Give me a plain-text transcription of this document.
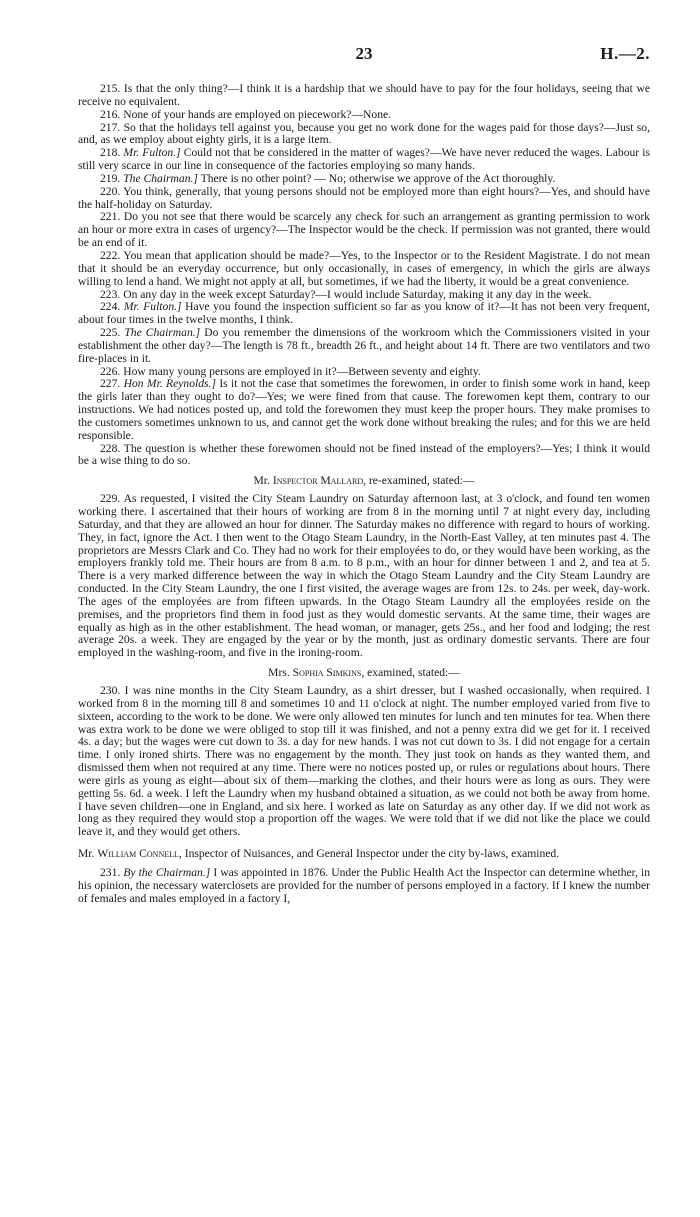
23	H.—2.

215. Is that the only thing?—I think it is a hardship that we should have to pay for the four holidays, seeing that we receive no equivalent.

216. None of your hands are employed on piecework?—None.

217. So that the holidays tell against you, because you get no work done for the wages paid for those days?—Just so, and, as we employ about eighty girls, it is a large item.

218. Mr. Fulton.] Could not that be considered in the matter of wages?—We have never reduced the wages. Labour is still very scarce in our line in consequence of the factories employing so many hands.

219. The Chairman.] There is no other point? — No; otherwise we approve of the Act thoroughly.

220. You think, generally, that young persons should not be employed more than eight hours?—Yes, and should have the half-holiday on Saturday.

221. Do you not see that there would be scarcely any check for such an arrangement as granting permission to work an hour or more extra in cases of urgency?—The Inspector would be the check. If permission was not granted, there would be an end of it.

222. You mean that application should be made?—Yes, to the Inspector or to the Resident Magistrate. I do not mean that it should be an everyday occurrence, but only occasionally, in cases of emergency, in which the girls are always willing to lend a hand. We might not apply at all, but sometimes, if we had the liberty, it would be a great convenience.

223. On any day in the week except Saturday?—I would include Saturday, making it any day in the week.

224. Mr. Fulton.] Have you found the inspection sufficient so far as you know of it?—It has not been very frequent, about four times in the twelve months, I think.

225. The Chairman.] Do you remember the dimensions of the workroom which the Commissioners visited in your establishment the other day?—The length is 78 ft., breadth 26 ft., and height about 14 ft. There are two ventilators and two fire-places in it.

226. How many young persons are employed in it?—Between seventy and eighty.

227. Hon Mr. Reynolds.] Is it not the case that sometimes the forewomen, in order to finish some work in hand, keep the girls later than they ought to do?—Yes; we were fined from that cause. The forewomen kept them, contrary to our instructions. We had notices posted up, and told the forewomen they must keep the proper hours. They make promises to the customers sometimes unknown to us, and cannot get the work done without breaking the rules; and for this we are held responsible.

228. The question is whether these forewomen should not be fined instead of the employers?—Yes; I think it would be a wise thing to do so.

Mr. Inspector Mallard, re-examined, stated:—

229. As requested, I visited the City Steam Laundry on Saturday afternoon last, at 3 o'clock, and found ten women working there. I ascertained that their hours of working are from 8 in the morning until 7 at night every day, including Saturday, and that they are allowed an hour for dinner. The Saturday makes no difference with regard to hours of working. They, in fact, ignore the Act. I then went to the Otago Steam Laundry, in the North-East Valley, at ten minutes past 4. The proprietors are Messrs Clark and Co. They had no work for their employées to do, or they would have been working, as the employers frankly told me. Their hours are from 8 a.m. to 8 p.m., with an hour for dinner between 1 and 2, and tea at 5. There is a very marked difference between the way in which the Otago Steam Laundry and the City Steam Laundry are conducted. In the City Steam Laundry, the one I first visited, the average wages are from 12s. to 24s. per week, day-work. The ages of the employées are from fifteen upwards. In the Otago Steam Laundry all the employées reside on the premises, and the proprietors find them in food just as they would domestic servants. At the same time, their wages are equally as high as in the other establishment. The head woman, or manager, gets 25s., and her food and lodging; the rest average 20s. a week. They are engaged by the year or by the month, just as ordinary domestic servants. There are four employed in the washing-room, and five in the ironing-room.

Mrs. Sophia Simkins, examined, stated:—

230. I was nine months in the City Steam Laundry, as a shirt dresser, but I washed occasionally, when required. I worked from 8 in the morning till 8 and sometimes 10 and 11 o'clock at night. The number employed varied from five to sixteen, according to the work to be done. We were only allowed ten minutes for lunch and ten minutes for tea. When there was extra work to be done we were obliged to stop till it was finished, and not a penny extra did we get for it. I received 4s. a day; but the wages were cut down to 3s. a day for new hands. I was not cut down to 3s. I did not engage for a certain time. I only ironed shirts. There was no engagement by the month. They just took on hands as they wanted them, and dismissed them when not required at any time. There were no notices posted up, or rules or regulations about hours. There were girls as young as eight—about six of them—marking the clothes, and their hours were as long as ours. They were getting 5s. 6d. a week. I left the Laundry when my husband obtained a situation, as we could not both be away from home. I have seven children—one in England, and six here. I worked as late on Saturday as any other day. If we did not work as long as they required they would stop a proportion off the wages. We were told that if we did not like the place we could leave it, and they would get others.

Mr. William Connell, Inspector of Nuisances, and General Inspector under the city by-laws, examined.

231. By the Chairman.] I was appointed in 1876. Under the Public Health Act the Inspector can determine whether, in his opinion, the necessary waterclosets are provided for the number of persons employed in a factory. If I knew the number of females and males employed in a factory I,
